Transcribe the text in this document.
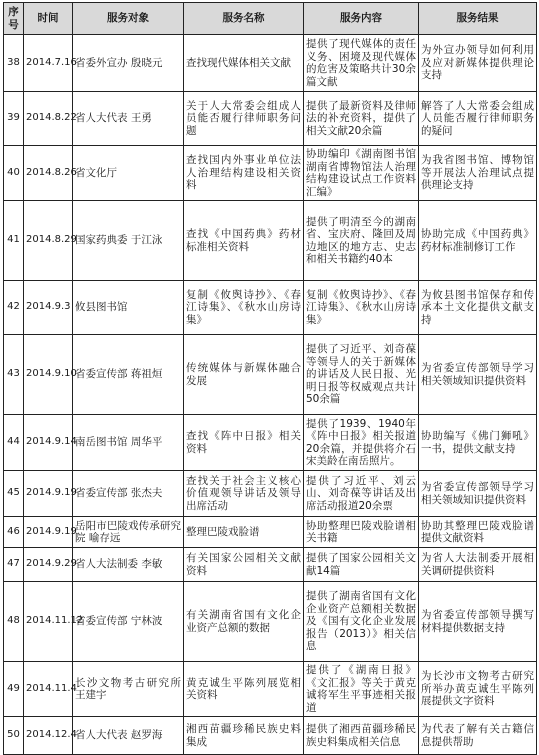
序号	时间	服务对象	服务名称	服务内容	服务结果
38	2014.7.16	省委外宣办 殷晓元	查找现代媒体相关文献	提供了现代媒体的责任义务、困境及现代媒体的危害及策略共计30余篇文献	为外宣办领导如何利用及应对新媒体提供理论支持
39	2014.8.22	省人大代表 王勇	关于人大常委会组成人员能否履行律师职务问题	提供了最新资料及律师法的补充资料，提供了相关文献20余篇	解答了人大常委会组成人员能否履行律师职务的疑问
40	2014.8.26	省文化厅	查找国内外事业单位法人治理结构建设相关资料	协助编印《湖南图书馆湖南省博物馆法人治理结构建设试点工作资料汇编》	为我省图书馆、博物馆等开展法人治理试点提供理论支持
41	2014.8.29	国家药典委 于江泳	查找《中国药典》药材标准相关资料	提供了明清至今的湖南省、宝庆府、隆回及周边地区的地方志、史志和相关书籍约40本	协助完成《中国药典》药材标准制修订工作
42	2014.9.3	攸县图书馆	复制《攸舆诗抄》、《春江诗集》、《秋水山房诗集》	复制《攸舆诗抄》、《春江诗集》、《秋水山房诗集》	为攸县图书馆保存和传承本土文化提供文献支持
43	2014.9.10	省委宣传部 蒋祖烜	传统媒体与新媒体融合发展	提供了习近平、刘奇葆等领导人的关于新媒体的讲话及人民日报、光明日报等权威观点共计50余篇	为省委宣传部领导学习相关领域知识提供资料
44	2014.9.14	南岳图书馆 周华平	查找《阵中日报》相关资料	提供了1939、1940年《阵中日报》相关报道20余篇，并提供将介石宋美龄在南岳照片。	协助编写《佛门狮吼》一书，提供文献支持
45	2014.9.19	省委宣传部 张杰夫	查找关于社会主义核心价值观领导讲话及领导出席活动	提供了习近平、刘云山、刘奇葆等讲话及出席活动报道20余票	为省委宣传部领导学习相关领域知识提供资料
46	2014.9.19	岳阳市巴陵戏传承研究院 喻存远	整理巴陵戏脸谱	协助整理巴陵戏脸谱相关书籍	协助其整理巴陵戏脸谱提供文献资料
47	2014.9.29	省人大法制委 李敏	有关国家公园相关文献资料	提供了国家公园相关文献14篇	为省人大法制委开展相关调研提供资料
48	2014.11.12	省委宣传部 宁林波	有关湖南省国有文化企业资产总额的数据	提供了湖南省国有文化企业资产总额相关数据及《国有文化企业发展报告（2013）》相关信息	为省委宣传部领导撰写材料提供数据支持
49	2014.11.4	长沙文物考古研究所 王建宇	黄克诚生平陈列展览相关资料	提供了《湖南日报》《文汇报》等关于黄克诚将军生平事迹相关报道	为长沙市文物考古研究所举办黄克诚生平陈列展提供文字资料
50	2014.12.4	省人大代表 赵罗海	湘西苗疆珍稀民族史料集成	提供了湘西苗疆珍稀民族史料集成相关信息	为代表了解有关古籍信息提供帮助
